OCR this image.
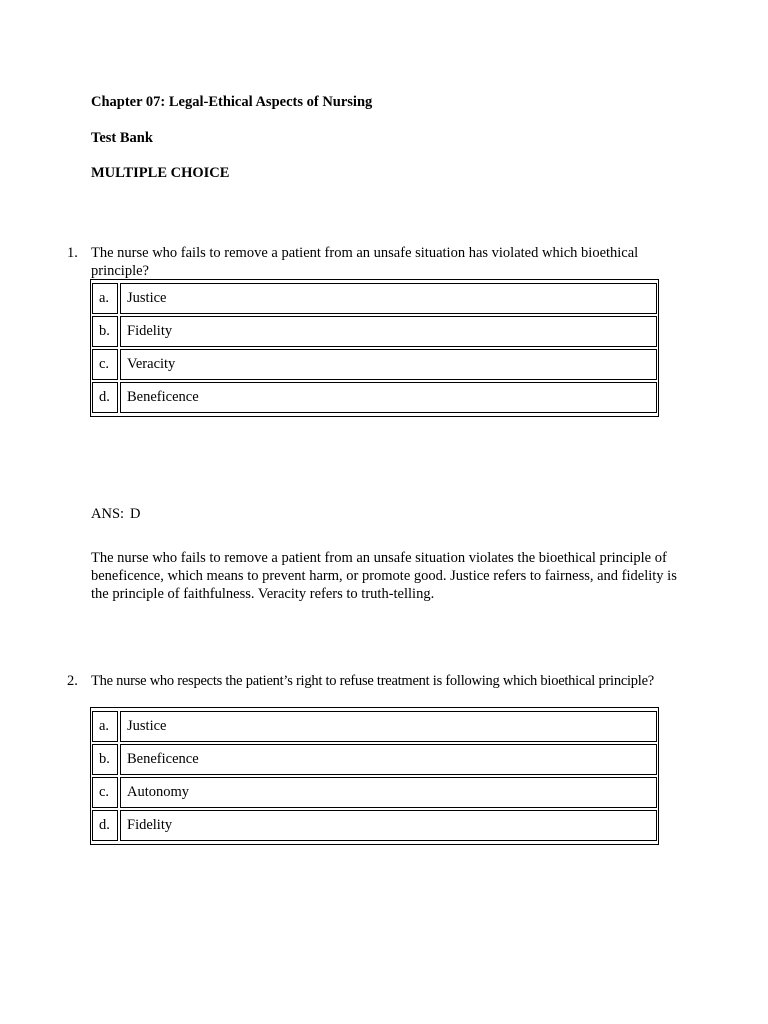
Chapter 07: Legal-Ethical Aspects of Nursing

Test Bank

MULTIPLE CHOICE

1. The nurse who fails to remove a patient from an unsafe situation has violated which bioethical principle?

a.	Justice
b.	Fidelity
c.	Veracity
d.	Beneficence

ANS: D

The nurse who fails to remove a patient from an unsafe situation violates the bioethical principle of beneficence, which means to prevent harm, or promote good. Justice refers to fairness, and fidelity is the principle of faithfulness. Veracity refers to truth-telling.

2. The nurse who respects the patient’s right to refuse treatment is following which bioethical principle?

a.	Justice
b.	Beneficence
c.	Autonomy
d.	Fidelity
